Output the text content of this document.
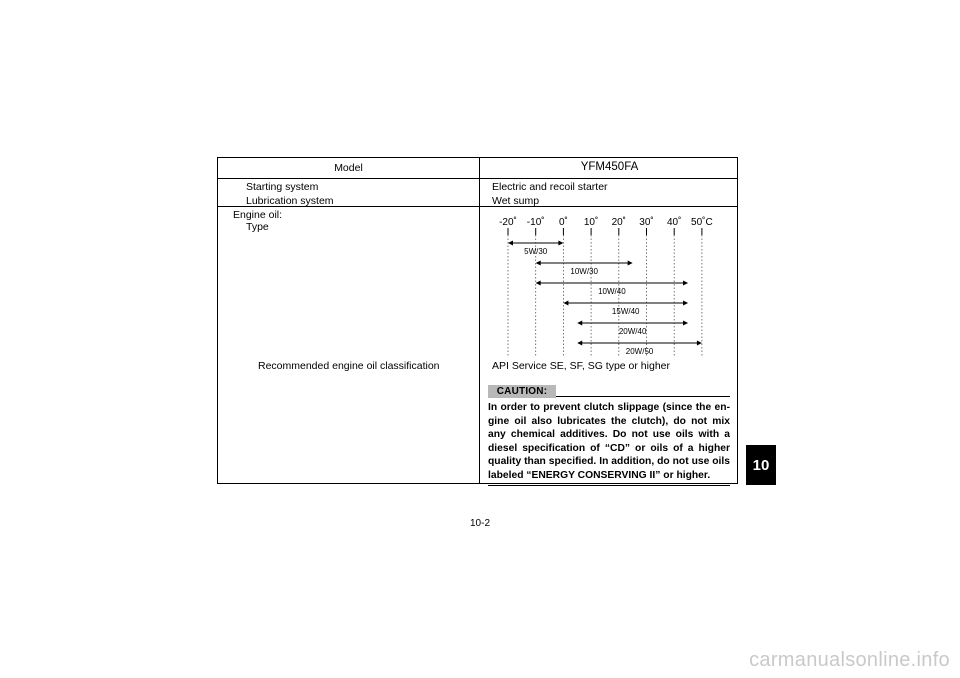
Model	YFM450FA
Starting system	Electric and recoil starter
Lubrication system	Wet sump
Engine oil:
Type	-20˚ -10˚ 0˚ 10˚ 20˚ 30˚ 40˚ 50˚C
5W/30
10W/30
10W/40
15W/40
20W/40
20W/50
Recommended engine oil classification	API Service SE, SF, SG type or higher
CAUTION:
In order to prevent clutch slippage (since the en-gine oil also lubricates the clutch), do not mix any chemical additives. Do not use oils with a diesel specification of “CD” or oils of a higher quality than specified. In addition, do not use oils labeled “ENERGY CONSERVING II” or higher.
10
10-2
carmanualsonline.info
